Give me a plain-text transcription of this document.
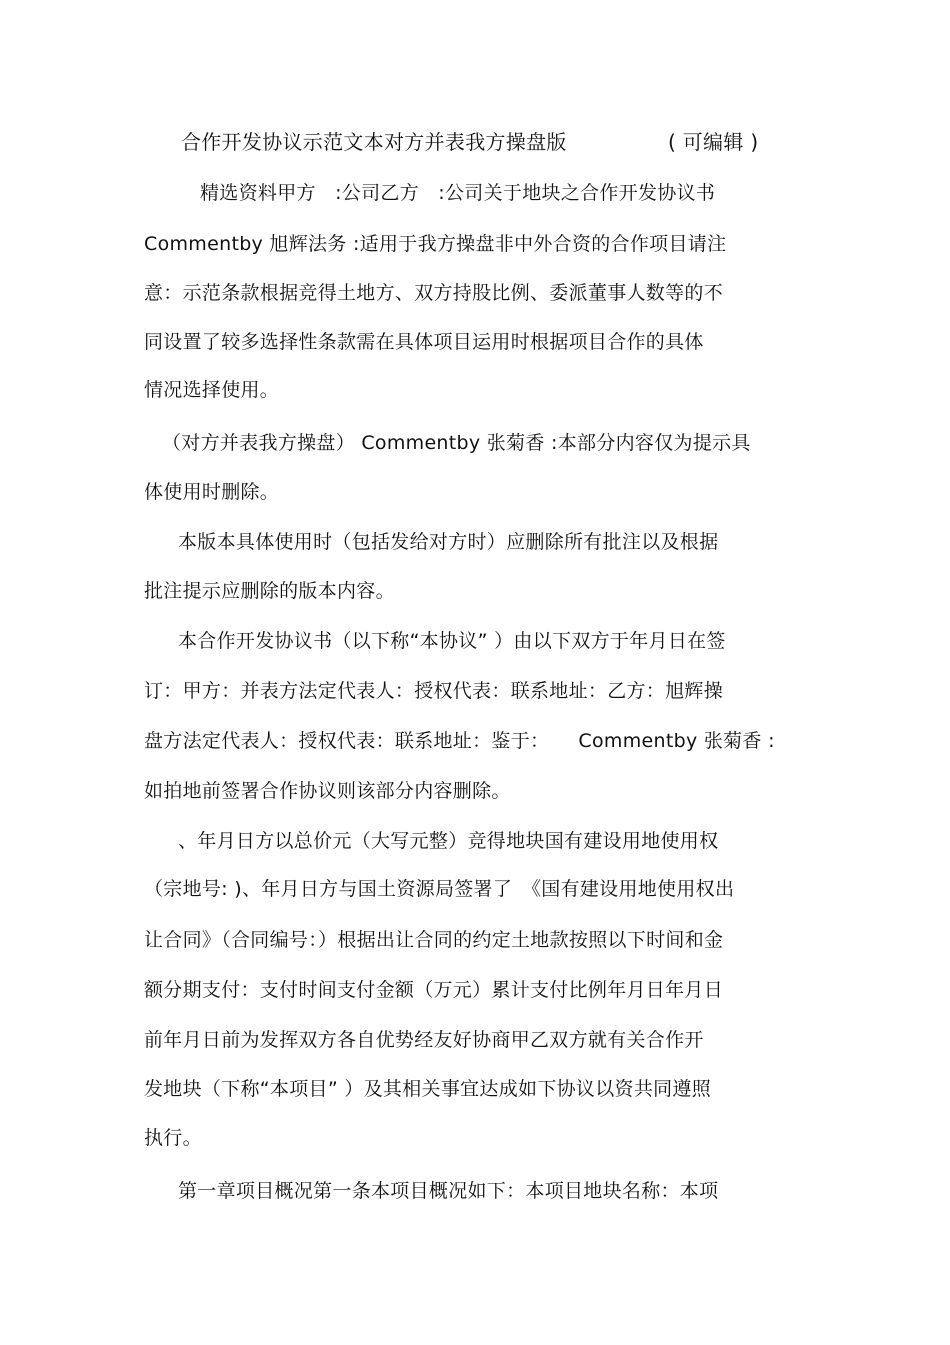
合作开发协议示范文本对方并表我方操盘版	( 可编辑 )
精选资料甲方　:公司乙方　:公司关于地块之合作开发协议书
Commentby 旭辉法务 :适用于我方操盘非中外合资的合作项目请注
意：示范条款根据竞得土地方、双方持股比例、委派董事人数等的不
同设置了较多选择性条款需在具体项目运用时根据项目合作的具体
情况选择使用。
（对方并表我方操盘） Commentby 张菊香 :本部分内容仅为提示具
体使用时删除。
本版本具体使用时（包括发给对方时）应删除所有批注以及根据
批注提示应删除的版本内容。
本合作开发协议书（以下称“本协议” ）由以下双方于年月日在签
订：甲方：并表方法定代表人：授权代表：联系地址：乙方：旭辉操
盘方法定代表人：授权代表：联系地址：鉴于：　　Commentby 张菊香 :
如拍地前签署合作协议则该部分内容删除。
、年月日方以总价元（大写元整）竞得地块国有建设用地使用权
（宗地号: )、年月日方与国土资源局签署了　《国有建设用地使用权出
让合同》（合同编号：）根据出让合同的约定土地款按照以下时间和金
额分期支付：支付时间支付金额（万元）累计支付比例年月日年月日
前年月日前为发挥双方各自优势经友好协商甲乙双方就有关合作开
发地块（下称“本项目” ）及其相关事宜达成如下协议以资共同遵照
执行。
第一章项目概况第一条本项目概况如下：本项目地块名称：本项
